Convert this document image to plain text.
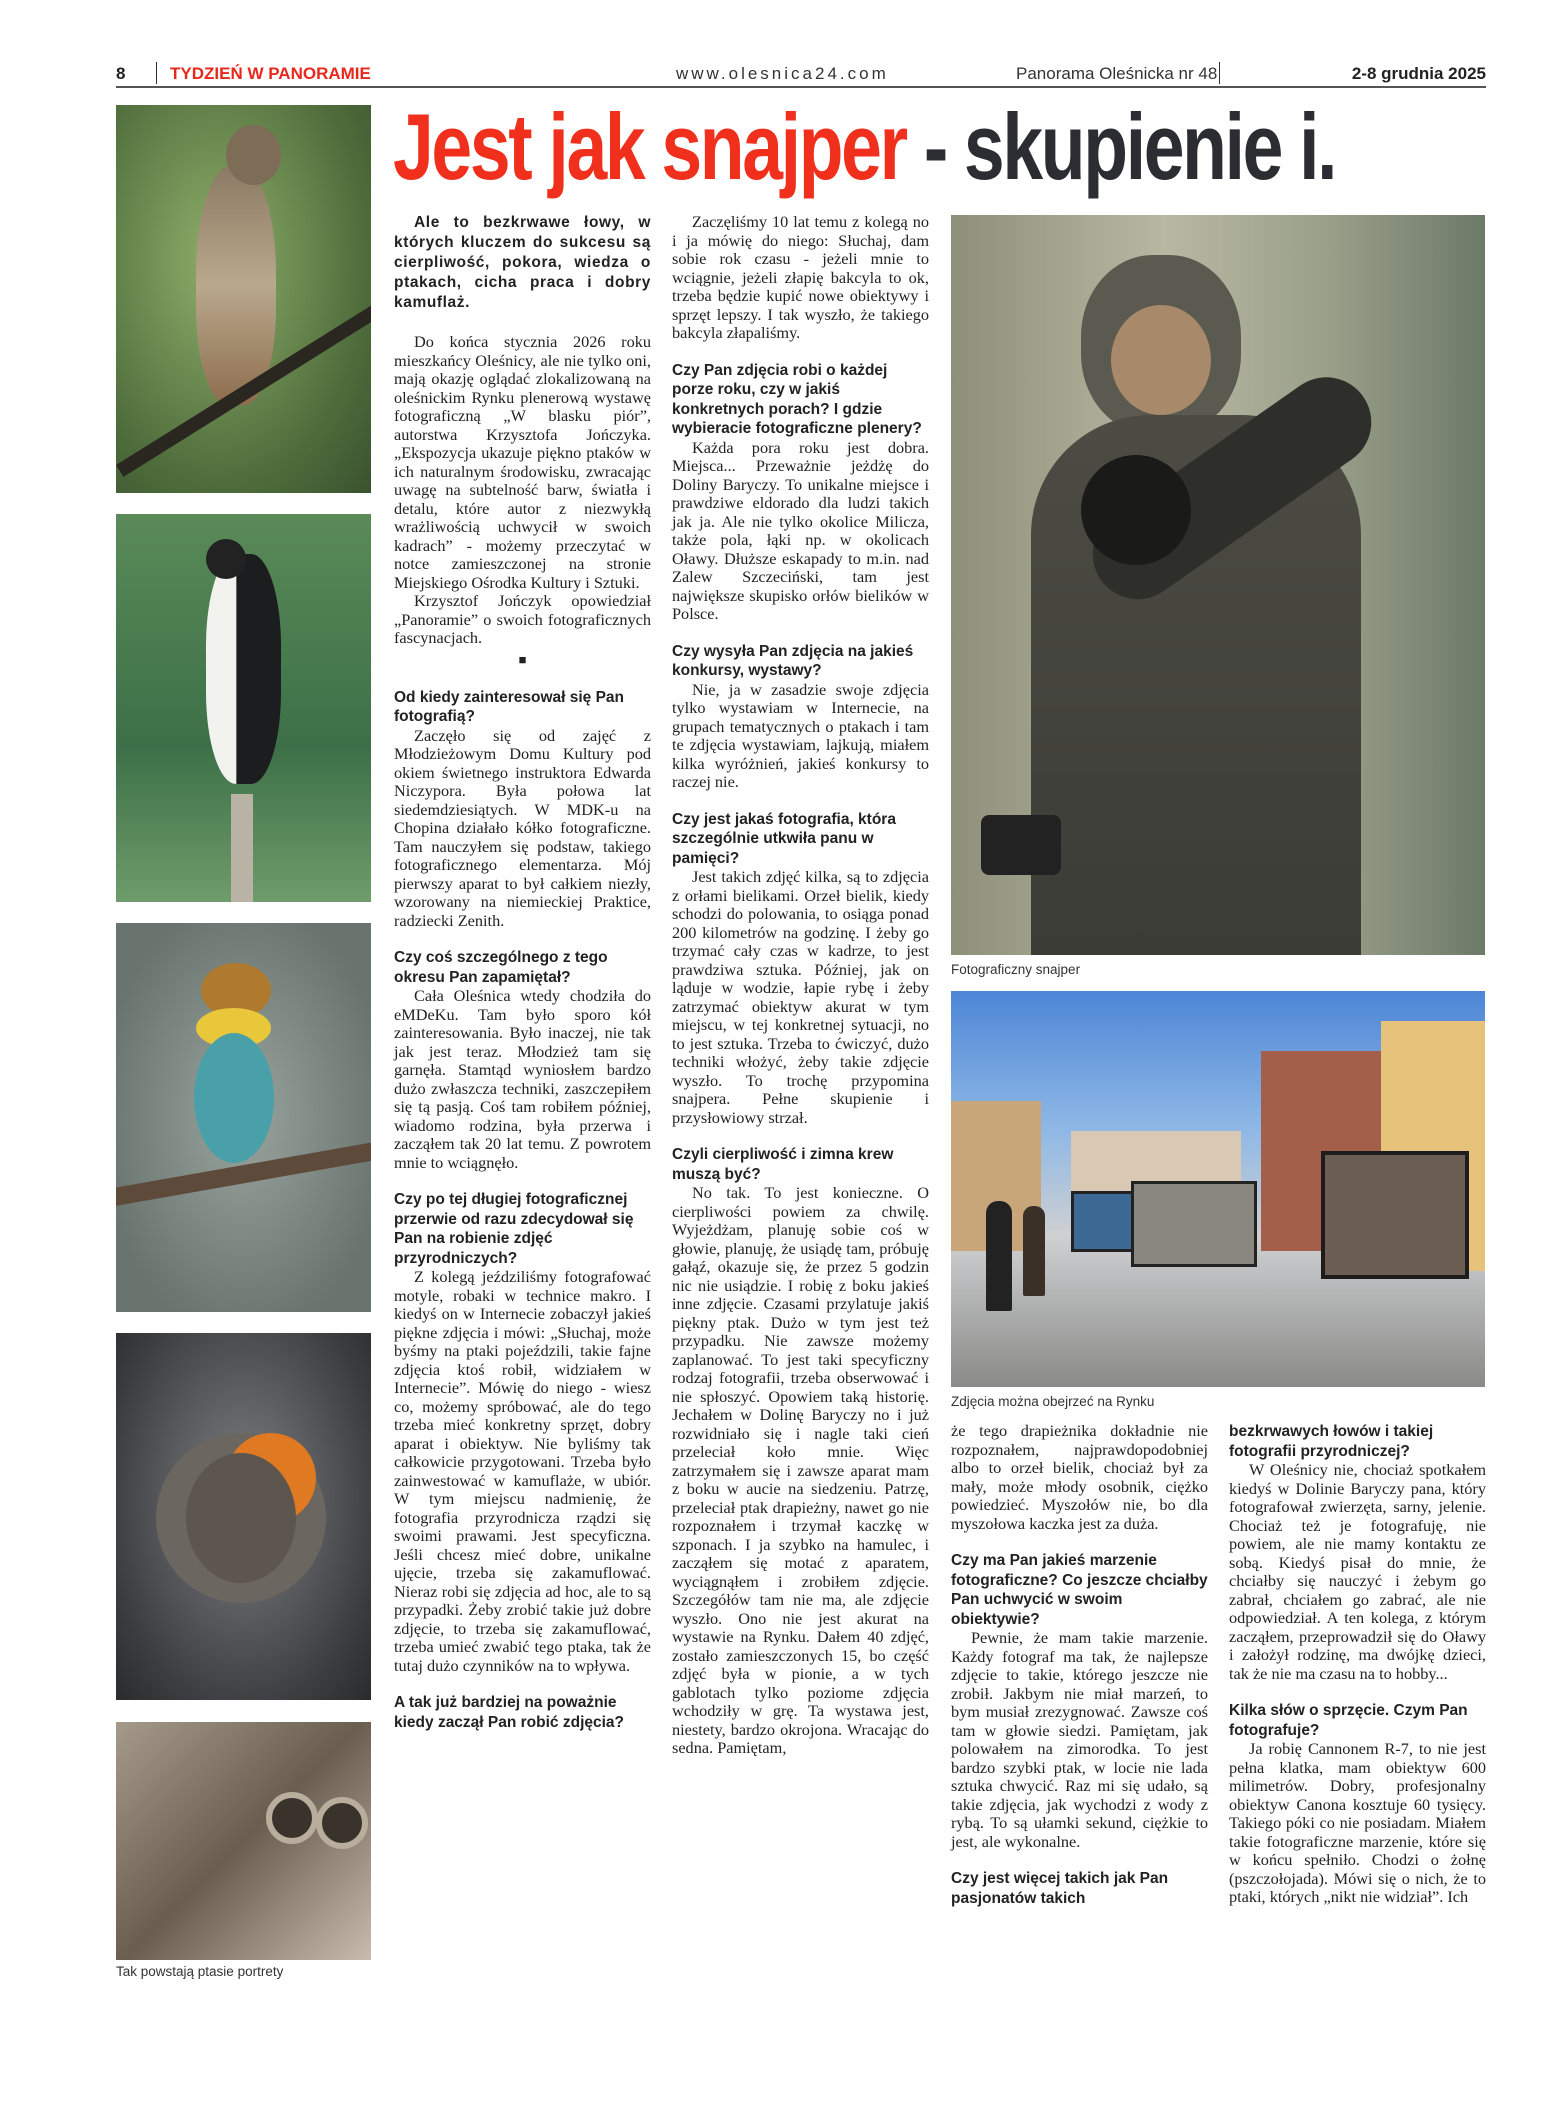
8	TYDZIEŃ W PANORAMIE	www.olesnica24.com	Panorama Oleśnicka nr 48	2-8 grudnia 2025
Jest jak snajper - skupienie i.
Tak powstają ptasie portrety
Fotograficzny snajper
Zdjęcia można obejrzeć na Rynku

Ale to bezkrwawe łowy, w których kluczem do sukcesu są cierpliwość, pokora, wiedza o ptakach, cicha praca i dobry kamuflaż.

Do końca stycznia 2026 roku mieszkańcy Oleśnicy, ale nie tylko oni, mają okazję oglądać zlokalizowaną na oleśnickim Rynku plenerową wystawę fotograficzną „W blasku piór”, autorstwa Krzysztofa Jończyka. „Ekspozycja ukazuje piękno ptaków w ich naturalnym środowisku, zwracając uwagę na subtelność barw, światła i detalu, które autor z niezwykłą wrażliwością uchwycił w swoich kadrach” - możemy przeczytać w notce zamieszczonej na stronie Miejskiego Ośrodka Kultury i Sztuki.

Krzysztof Jończyk opowiedział „Panoramie” o swoich fotograficznych fascynacjach.

■
Od kiedy zainteresował się Pan fotografią?

Zaczęło się od zajęć z Młodzieżowym Domu Kultury pod okiem świetnego instruktora Edwarda Niczypora. Była połowa lat siedemdziesiątych. W MDK-u na Chopina działało kółko fotograficzne. Tam nauczyłem się podstaw, takiego fotograficznego elementarza. Mój pierwszy aparat to był całkiem niezły, wzorowany na niemieckiej Praktice, radziecki Zenith.

Czy coś szczególnego z tego okresu Pan zapamiętał?

Cała Oleśnica wtedy chodziła do eMDeKu. Tam było sporo kół zainteresowania. Było inaczej, nie tak jak jest teraz. Młodzież tam się garnęła. Stamtąd wyniosłem bardzo dużo zwłaszcza techniki, zaszczepiłem się tą pasją. Coś tam robiłem później, wiadomo rodzina, była przerwa i zacząłem tak 20 lat temu. Z powrotem mnie to wciągnęło.

Czy po tej długiej fotograficznej przerwie od razu zdecydował się Pan na robienie zdjęć przyrodniczych?

Z kolegą jeździliśmy fotografować motyle, robaki w technice makro. I kiedyś on w Internecie zobaczył jakieś piękne zdjęcia i mówi: „Słuchaj, może byśmy na ptaki pojeździli, takie fajne zdjęcia ktoś robił, widziałem w Internecie”. Mówię do niego - wiesz co, możemy spróbować, ale do tego trzeba mieć konkretny sprzęt, dobry aparat i obiektyw. Nie byliśmy tak całkowicie przygotowani. Trzeba było zainwestować w kamuflaże, w ubiór. W tym miejscu nadmienię, że fotografia przyrodnicza rządzi się swoimi prawami. Jest specyficzna. Jeśli chcesz mieć dobre, unikalne ujęcie, trzeba się zakamuflować. Nieraz robi się zdjęcia ad hoc, ale to są przypadki. Żeby zrobić takie już dobre zdjęcie, to trzeba się zakamuflować, trzeba umieć zwabić tego ptaka, tak że tutaj dużo czynników na to wpływa.

A tak już bardziej na poważnie kiedy zaczął Pan robić zdjęcia?

Zaczęliśmy 10 lat temu z kolegą no i ja mówię do niego: Słuchaj, dam sobie rok czasu - jeżeli mnie to wciągnie, jeżeli złapię bakcyla to ok, trzeba będzie kupić nowe obiektywy i sprzęt lepszy. I tak wyszło, że takiego bakcyla złapaliśmy.

Czy Pan zdjęcia robi o każdej porze roku, czy w jakiś konkretnych porach? I gdzie wybieracie fotograficzne plenery?

Każda pora roku jest dobra. Miejsca... Przeważnie jeżdżę do Doliny Baryczy. To unikalne miejsce i prawdziwe eldorado dla ludzi takich jak ja. Ale nie tylko okolice Milicza, także pola, łąki np. w okolicach Oławy. Dłuższe eskapady to m.in. nad Zalew Szczeciński, tam jest największe skupisko orłów bielików w Polsce.

Czy wysyła Pan zdjęcia na jakieś konkursy, wystawy?

Nie, ja w zasadzie swoje zdjęcia tylko wystawiam w Internecie, na grupach tematycznych o ptakach i tam te zdjęcia wystawiam, lajkują, miałem kilka wyróżnień, jakieś konkursy to raczej nie.

Czy jest jakaś fotografia, która szczególnie utkwiła panu w pamięci?

Jest takich zdjęć kilka, są to zdjęcia z orłami bielikami. Orzeł bielik, kiedy schodzi do polowania, to osiąga ponad 200 kilometrów na godzinę. I żeby go trzymać cały czas w kadrze, to jest prawdziwa sztuka. Później, jak on ląduje w wodzie, łapie rybę i żeby zatrzymać obiektyw akurat w tym miejscu, w tej konkretnej sytuacji, no to jest sztuka. Trzeba to ćwiczyć, dużo techniki włożyć, żeby takie zdjęcie wyszło. To trochę przypomina snajpera. Pełne skupienie i przysłowiowy strzał.

Czyli cierpliwość i zimna krew muszą być?

No tak. To jest konieczne. O cierpliwości powiem za chwilę. Wyjeżdżam, planuję sobie coś w głowie, planuję, że usiądę tam, próbuję gałąź, okazuje się, że przez 5 godzin nic nie usiądzie. I robię z boku jakieś inne zdjęcie. Czasami przylatuje jakiś piękny ptak. Dużo w tym jest też przypadku. Nie zawsze możemy zaplanować. To jest taki specyficzny rodzaj fotografii, trzeba obserwować i nie spłoszyć. Opowiem taką historię. Jechałem w Dolinę Baryczy no i już rozwidniało się i nagle taki cień przeleciał koło mnie. Więc zatrzymałem się i zawsze aparat mam z boku w aucie na siedzeniu. Patrzę, przeleciał ptak drapieżny, nawet go nie rozpoznałem i trzymał kaczkę w szponach. I ja szybko na hamulec, i zacząłem się motać z aparatem, wyciągnąłem i zrobiłem zdjęcie. Szczegółów tam nie ma, ale zdjęcie wyszło. Ono nie jest akurat na wystawie na Rynku. Dałem 40 zdjęć, zostało zamieszczonych 15, bo część zdjęć była w pionie, a w tych gablotach tylko poziome zdjęcia wchodziły w grę. Ta wystawa jest, niestety, bardzo okrojona. Wracając do sedna. Pamiętam,

że tego drapieżnika dokładnie nie rozpoznałem, najprawdopodobniej albo to orzeł bielik, chociaż był za mały, może młody osobnik, ciężko powiedzieć. Myszołów nie, bo dla myszołowa kaczka jest za duża.

Czy ma Pan jakieś marzenie fotograficzne? Co jeszcze chciałby Pan uchwycić w swoim obiektywie?

Pewnie, że mam takie marzenie. Każdy fotograf ma tak, że najlepsze zdjęcie to takie, którego jeszcze nie zrobił. Jakbym nie miał marzeń, to bym musiał zrezygnować. Zawsze coś tam w głowie siedzi. Pamiętam, jak polowałem na zimorodka. To jest bardzo szybki ptak, w locie nie lada sztuka chwycić. Raz mi się udało, są takie zdjęcia, jak wychodzi z wody z rybą. To są ułamki sekund, ciężkie to jest, ale wykonalne.

Czy jest więcej takich jak Pan pasjonatów takich
bezkrwawych łowów i takiej fotografii przyrodniczej?

W Oleśnicy nie, chociaż spotkałem kiedyś w Dolinie Baryczy pana, który fotografował zwierzęta, sarny, jelenie. Chociaż też je fotografuję, nie powiem, ale nie mamy kontaktu ze sobą. Kiedyś pisał do mnie, że chciałby się nauczyć i żebym go zabrał, chciałem go zabrać, ale nie odpowiedział. A ten kolega, z którym zacząłem, przeprowadził się do Oławy i założył rodzinę, ma dwójkę dzieci, tak że nie ma czasu na to hobby...

Kilka słów o sprzęcie. Czym Pan fotografuje?

Ja robię Cannonem R-7, to nie jest pełna klatka, mam obiektyw 600 milimetrów. Dobry, profesjonalny obiektyw Canona kosztuje 60 tysięcy. Takiego póki co nie posiadam. Miałem takie fotograficzne marzenie, które się w końcu spełniło. Chodzi o żołnę (pszczołojada). Mówi się o nich, że to ptaki, których „nikt nie widział”. Ich
